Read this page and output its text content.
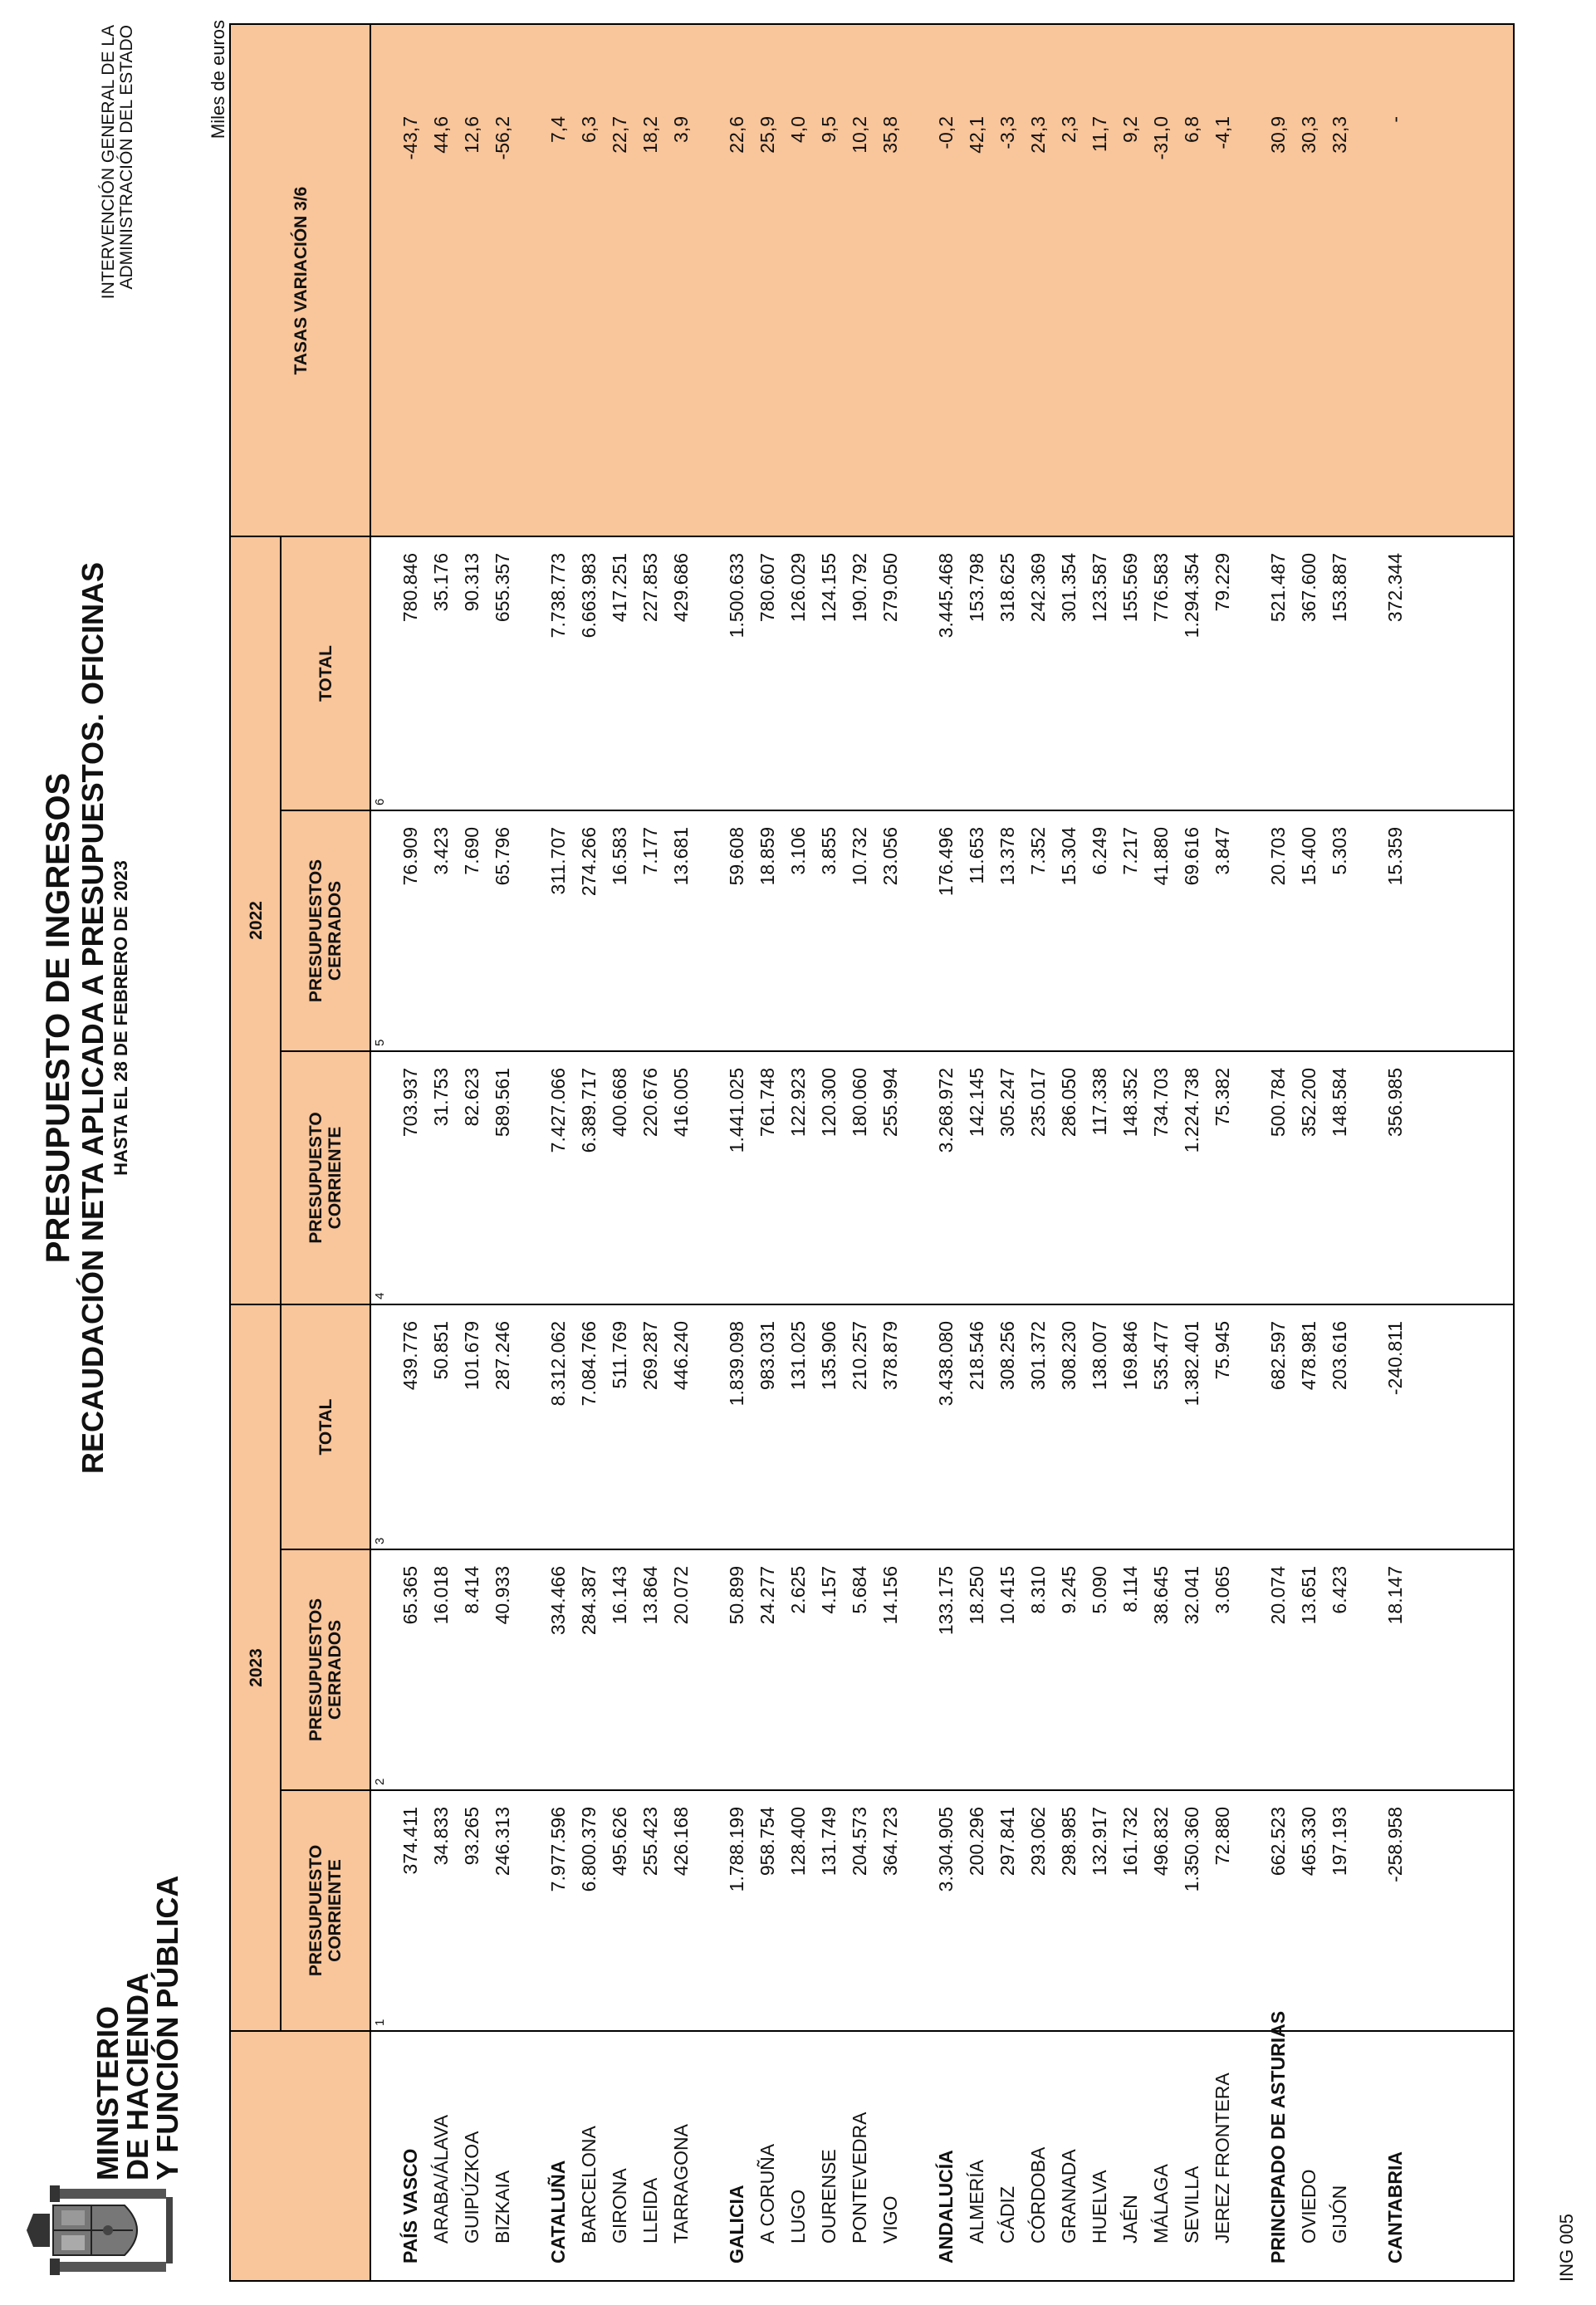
MINISTERIO
DE HACIENDA
Y FUNCIÓN PÚBLICA
PRESUPUESTO DE INGRESOS RECAUDACIÓN NETA APLICADA A PRESUPUESTOS. OFICINAS HASTA EL 28 DE FEBRERO DE 2023
INTERVENCIÓN GENERAL DE LA ADMINISTRACIÓN DEL ESTADO	Miles de euros
2023
2022
PRESUPUESTO CORRIENTE
PRESUPUESTOS CERRADOS
TOTAL
PRESUPUESTO CORRIENTE
PRESUPUESTOS CERRADOS
TOTAL
TASAS VARIACIÓN 3/6
1
2
3
4
5
6
PAÍS VASCO
374.411
65.365
439.776
703.937
76.909
780.846
-43,7
ARABA/ÁLAVA
34.833
16.018
50.851
31.753
3.423
35.176
44,6
GUIPÚZKOA
93.265
8.414
101.679
82.623
7.690
90.313
12,6
BIZKAIA
246.313
40.933
287.246
589.561
65.796
655.357
-56,2
CATALUÑA
7.977.596
334.466
8.312.062
7.427.066
311.707
7.738.773
7,4
BARCELONA
6.800.379
284.387
7.084.766
6.389.717
274.266
6.663.983
6,3
GIRONA
495.626
16.143
511.769
400.668
16.583
417.251
22,7
LLEIDA
255.423
13.864
269.287
220.676
7.177
227.853
18,2
TARRAGONA
426.168
20.072
446.240
416.005
13.681
429.686
3,9
GALICIA
1.788.199
50.899
1.839.098
1.441.025
59.608
1.500.633
22,6
A CORUÑA
958.754
24.277
983.031
761.748
18.859
780.607
25,9
LUGO
128.400
2.625
131.025
122.923
3.106
126.029
4,0
OURENSE
131.749
4.157
135.906
120.300
3.855
124.155
9,5
PONTEVEDRA
204.573
5.684
210.257
180.060
10.732
190.792
10,2
VIGO
364.723
14.156
378.879
255.994
23.056
279.050
35,8
ANDALUCÍA
3.304.905
133.175
3.438.080
3.268.972
176.496
3.445.468
-0,2
ALMERÍA
200.296
18.250
218.546
142.145
11.653
153.798
42,1
CÁDIZ
297.841
10.415
308.256
305.247
13.378
318.625
-3,3
CÓRDOBA
293.062
8.310
301.372
235.017
7.352
242.369
24,3
GRANADA
298.985
9.245
308.230
286.050
15.304
301.354
2,3
HUELVA
132.917
5.090
138.007
117.338
6.249
123.587
11,7
JAÉN
161.732
8.114
169.846
148.352
7.217
155.569
9,2
MÁLAGA
496.832
38.645
535.477
734.703
41.880
776.583
-31,0
SEVILLA
1.350.360
32.041
1.382.401
1.224.738
69.616
1.294.354
6,8
JEREZ FRONTERA
72.880
3.065
75.945
75.382
3.847
79.229
-4,1
PRINCIPADO DE ASTURIAS
662.523
20.074
682.597
500.784
20.703
521.487
30,9
OVIEDO
465.330
13.651
478.981
352.200
15.400
367.600
30,3
GIJÓN
197.193
6.423
203.616
148.584
5.303
153.887
32,3
CANTABRIA
-258.958
18.147
-240.811
356.985
15.359
372.344
-
ING 005
